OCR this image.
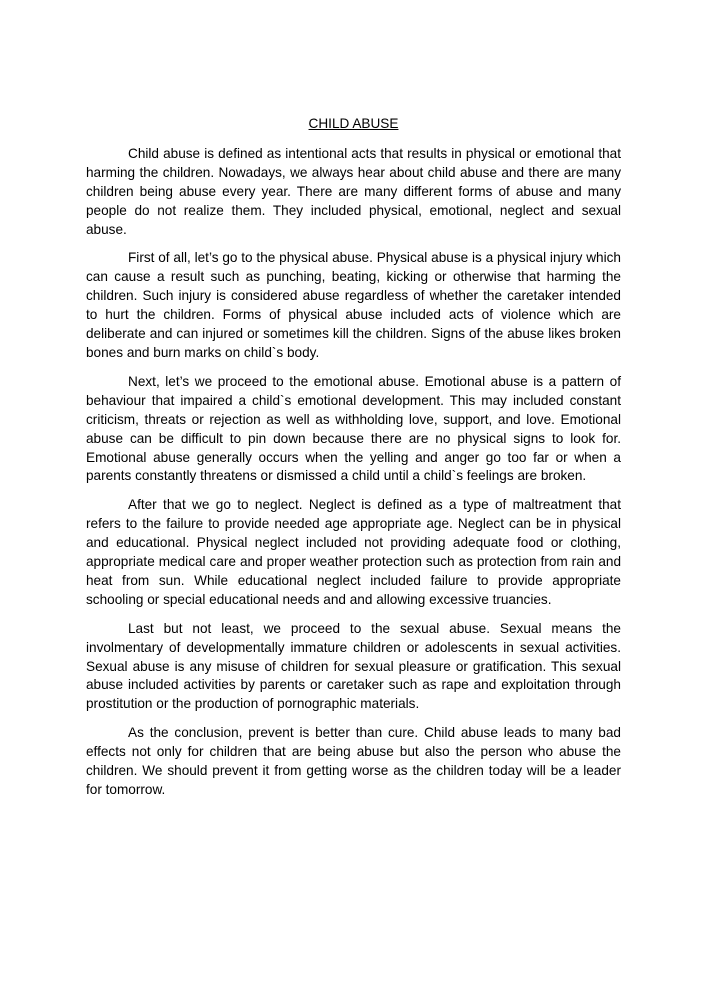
CHILD ABUSE

Child abuse is defined as intentional acts that results in physical or emotional that harming the children. Nowadays, we always hear about child abuse and there are many children being abuse every year. There are many different forms of abuse and many people do not realize them. They included physical, emotional, neglect and sexual abuse.

First of all, let’s go to the physical abuse. Physical abuse is a physical injury which can cause a result such as punching, beating, kicking or otherwise that harming the children. Such injury is considered abuse regardless of whether the caretaker intended to hurt the children. Forms of physical abuse included acts of violence which are deliberate and can injured or sometimes kill the children. Signs of the abuse likes broken bones and burn marks on child`s body.

Next, let’s we proceed to the emotional abuse. Emotional abuse is a pattern of behaviour that impaired a child`s emotional development. This may included constant criticism, threats or rejection as well as withholding love, support, and love. Emotional abuse can be difficult to pin down because there are no physical signs to look for. Emotional abuse generally occurs when the yelling and anger go too far or when a parents constantly threatens or dismissed a child until a child`s feelings are broken.

After that we go to neglect. Neglect is defined as a type of maltreatment that refers to the failure to provide needed age appropriate age. Neglect can be in physical and educational. Physical neglect included not providing adequate food or clothing, appropriate medical care and proper weather protection such as protection from rain and heat from sun. While educational neglect included failure to provide appropriate schooling or special educational needs and and allowing excessive truancies.

Last but not least, we proceed to the sexual abuse. Sexual means the involmentary of developmentally immature children or adolescents in sexual activities. Sexual abuse is any misuse of children for sexual pleasure or gratification. This sexual abuse included activities by parents or caretaker such as rape and exploitation through prostitution or the production of pornographic materials.

As the conclusion, prevent is better than cure. Child abuse leads to many bad effects not only for children that are being abuse but also the person who abuse the children. We should prevent it from getting worse as the children today will be a leader for tomorrow.
